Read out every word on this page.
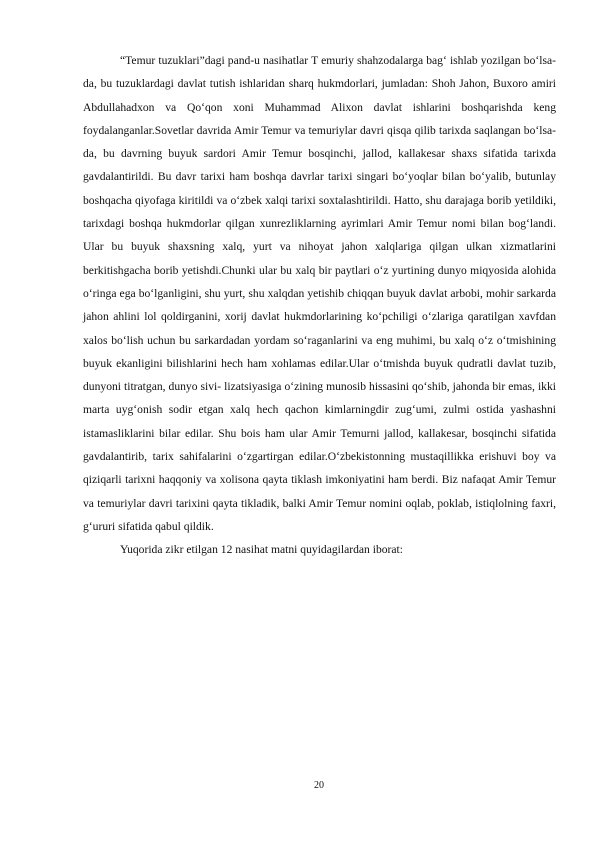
“Temur tuzuklari”dagi pand-u nasihatlar T emuriy shahzodalarga bag‘ ishlab yozilgan bo‘lsa-da, bu tuzuklardagi davlat tutish ishlaridan sharq hukmdorlari, jumladan: Shoh Jahon, Buxoro amiri Abdullahadxon va Qo‘qon xoni Muhammad Alixon davlat ishlarini boshqarishda keng foydalanganlar.Sovetlar davrida Amir Temur va temuriylar davri qisqa qilib tarixda saqlangan bo‘lsa-da, bu davrning buyuk sardori Amir Temur bosqinchi, jallod, kallakesar shaxs sifatida tarixda gavdalantirildi. Bu davr tarixi ham boshqa davrlar tarixi singari bo‘yoqlar bilan bo‘yalib, butunlay boshqacha qiyofaga kiritildi va o‘zbek xalqi tarixi soxtalashtirildi. Hatto, shu darajaga borib yetildiki, tarixdagi boshqa hukmdorlar qilgan xunrezliklarning ayrimlari Amir Temur nomi bilan bog‘landi. Ular bu buyuk shaxsning xalq, yurt va nihoyat jahon xalqlariga qilgan ulkan xizmatlarini berkitishgacha borib yetishdi.Chunki ular bu xalq bir paytlari o‘z yurtining dunyo miqyosida alohida o‘ringa ega bo‘lganligini, shu yurt, shu xalqdan yetishib chiqqan buyuk davlat arbobi, mohir sarkarda jahon ahlini lol qoldirganini, xorij davlat hukmdorlarining ko‘pchiligi o‘zlariga qaratilgan xavfdan xalos bo‘lish uchun bu sarkardadan yordam so‘raganlarini va eng muhimi, bu xalq o‘z o‘tmishining buyuk ekanligini bilishlarini hech ham xohlamas edilar.Ular o‘tmishda buyuk qudratli davlat tuzib, dunyoni titratgan, dunyo sivi- lizatsiyasiga o‘zining munosib hissasini qo‘shib, jahonda bir emas, ikki marta uyg‘onish sodir etgan xalq hech qachon kimlarningdir zug‘umi, zulmi ostida yashashni istamasliklarini bilar edilar. Shu bois ham ular Amir Temurni jallod, kallakesar, bosqinchi sifatida gavdalantirib, tarix sahifalarini o‘zgartirgan edilar.O‘zbekistonning mustaqillikka erishuvi boy va qiziqarli tarixni haqqoniy va xolisona qayta tiklash imkoniyatini ham berdi. Biz nafaqat Amir Temur va temuriylar davri tarixini qayta tikladik, balki Amir Temur nomini oqlab, poklab, istiqlolning faxri, g‘ururi sifatida qabul qildik.

Yuqorida zikr etilgan 12 nasihat matni quyidagilardan iborat:

20
